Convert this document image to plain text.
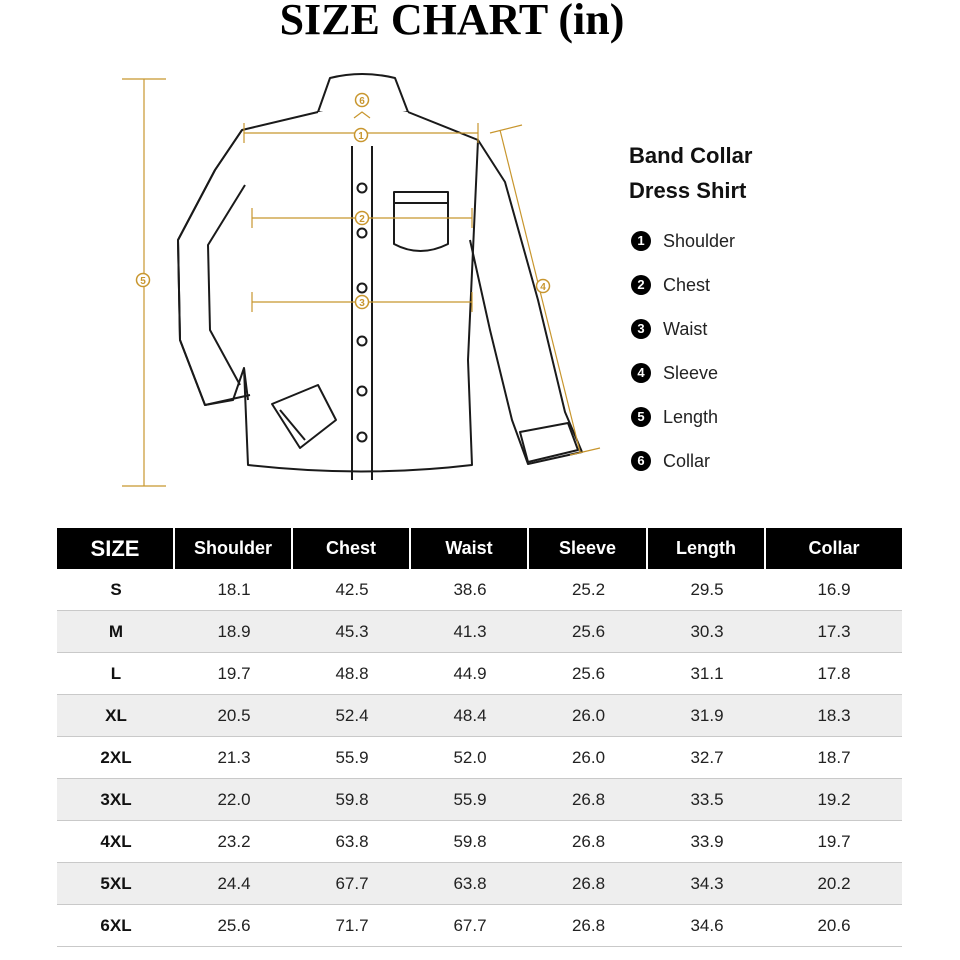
SIZE CHART (in)
6
1
2
3
4
5
Band Collar
Dress Shirt
1	Shoulder
2	Chest
3	Waist
4	Sleeve
5	Length
6	Collar
SIZE	Shoulder	Chest	Waist	Sleeve	Length	Collar
S	18.1	42.5	38.6	25.2	29.5	16.9
M	18.9	45.3	41.3	25.6	30.3	17.3
L	19.7	48.8	44.9	25.6	31.1	17.8
XL	20.5	52.4	48.4	26.0	31.9	18.3
2XL	21.3	55.9	52.0	26.0	32.7	18.7
3XL	22.0	59.8	55.9	26.8	33.5	19.2
4XL	23.2	63.8	59.8	26.8	33.9	19.7
5XL	24.4	67.7	63.8	26.8	34.3	20.2
6XL	25.6	71.7	67.7	26.8	34.6	20.6
